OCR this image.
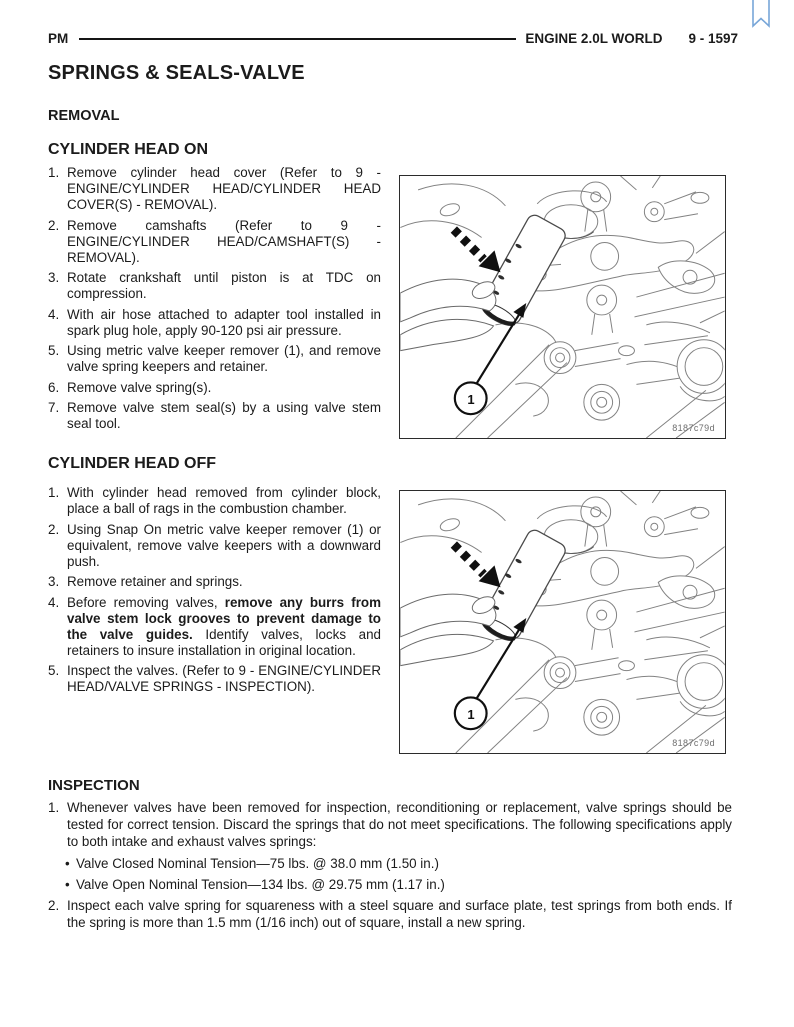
PM	ENGINE 2.0L WORLD 9 - 1597
SPRINGS & SEALS-VALVE
REMOVAL
CYLINDER HEAD ON
1. Remove cylinder head cover (Refer to 9 - ENGINE/CYLINDER HEAD/CYLINDER HEAD COVER(S) - REMOVAL).
2. Remove camshafts (Refer to 9 - ENGINE/CYLINDER HEAD/CAMSHAFT(S) - REMOVAL).
3. Rotate crankshaft until piston is at TDC on compression.
4. With air hose attached to adapter tool installed in spark plug hole, apply 90-120 psi air pressure.
5. Using metric valve keeper remover (1), and remove valve spring keepers and retainer.
6. Remove valve spring(s).
7. Remove valve stem seal(s) by a using valve stem seal tool.
1
8187c79d
CYLINDER HEAD OFF
1. With cylinder head removed from cylinder block, place a ball of rags in the combustion chamber.
2. Using Snap On metric valve keeper remover (1) or equivalent, remove valve keepers with a downward push.
3. Remove retainer and springs.
4. Before removing valves, remove any burrs from valve stem lock grooves to prevent damage to the valve guides. Identify valves, locks and retainers to insure installation in original location.
5. Inspect the valves. (Refer to 9 - ENGINE/CYLINDER HEAD/VALVE SPRINGS - INSPECTION).
1
8187c79d
INSPECTION
1. Whenever valves have been removed for inspection, reconditioning or replacement, valve springs should be tested for correct tension. Discard the springs that do not meet specifications. The following specifications apply to both intake and exhaust valves springs:
• Valve Closed Nominal Tension—75 lbs. @ 38.0 mm (1.50 in.)
• Valve Open Nominal Tension—134 lbs. @ 29.75 mm (1.17 in.)
2. Inspect each valve spring for squareness with a steel square and surface plate, test springs from both ends. If the spring is more than 1.5 mm (1/16 inch) out of square, install a new spring.
